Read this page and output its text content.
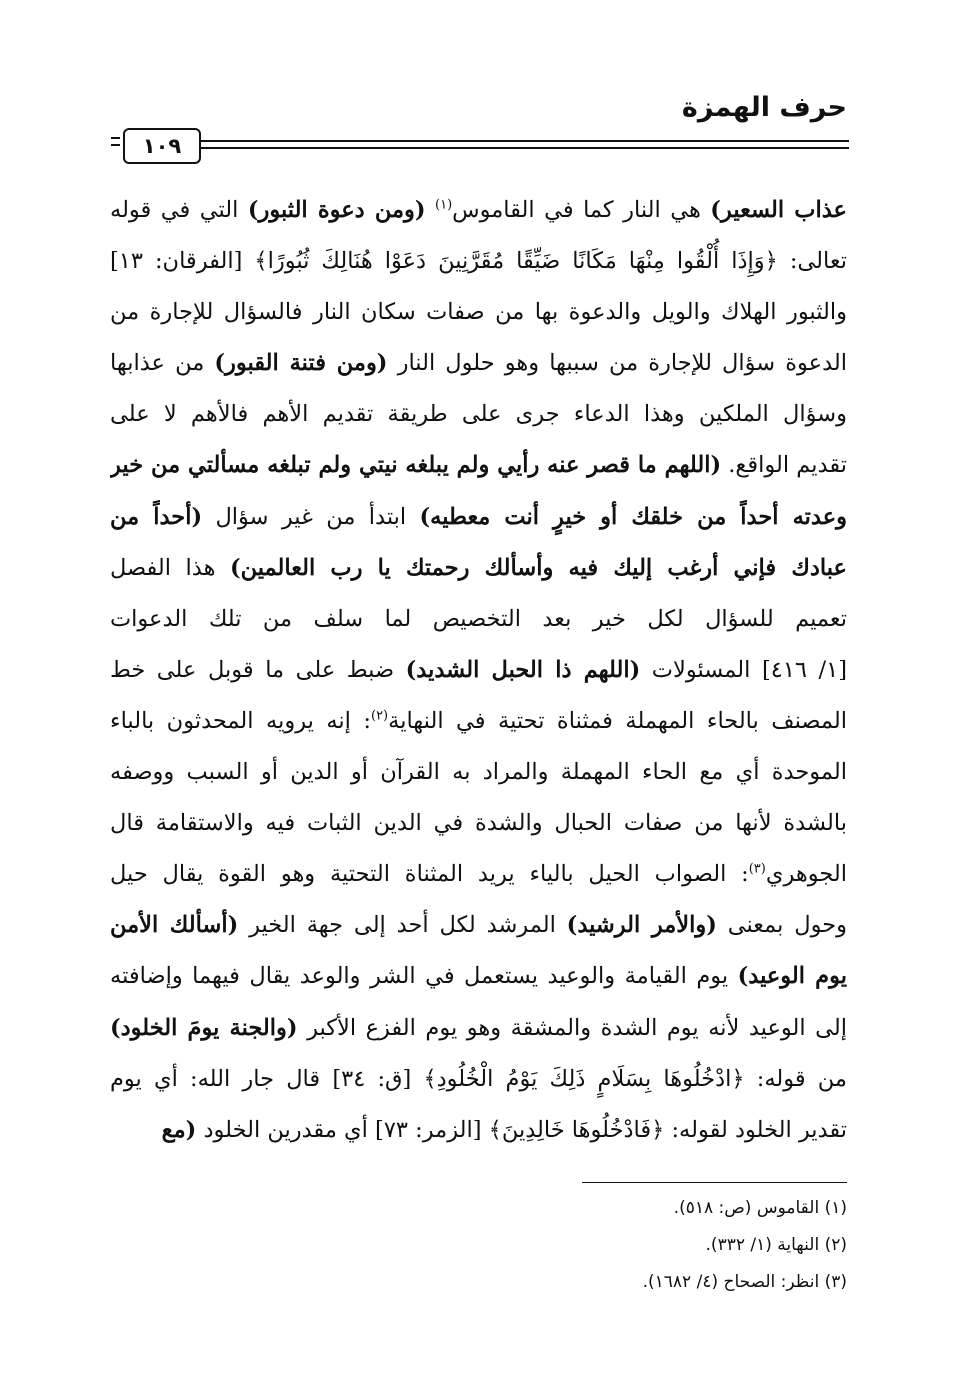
حرف الهمزة
١٠٩
عذاب السعير) هي النار كما في القاموس$^{(١)}$ (ومن دعوة الثبور) التي في قوله
تعالى: ﴿وَإِذَا أُلْقُوا مِنْهَا مَكَانًا ضَيِّقًا مُقَرَّنِينَ دَعَوْا هُنَالِكَ ثُبُورًا﴾ [الفرقان: ١٣]
والثبور الهلاك والويل والدعوة بها من صفات سكان النار فالسؤال للإجارة من
الدعوة سؤال للإجارة من سببها وهو حلول النار (ومن فتنة القبور) من عذابها
وسؤال الملكين وهذا الدعاء جرى على طريقة تقديم الأهم فالأهم لا على
تقديم الواقع. (اللهم ما قصر عنه رأيي ولم يبلغه نيتي ولم تبلغه مسألتي من خير
وعدته أحداً من خلقك أو خيرٍ أنت معطيه) ابتدأ من غير سؤال (أحداً من
عبادك فإني أرغب إليك فيه وأسألك رحمتك يا رب العالمين) هذا الفصل
تعميم للسؤال لكل خير بعد التخصيص لما سلف من تلك الدعوات
[١/ ٤١٦] المسئولات (اللهم ذا الحبل الشديد) ضبط على ما قوبل على خط
المصنف بالحاء المهملة فمثناة تحتية في النهاية$^{(٢)}$: إنه يرويه المحدثون بالباء
الموحدة أي مع الحاء المهملة والمراد به القرآن أو الدين أو السبب ووصفه
بالشدة لأنها من صفات الحبال والشدة في الدين الثبات فيه والاستقامة قال
الجوهري$^{(٣)}$: الصواب الحيل بالياء يريد المثناة التحتية وهو القوة يقال حيل
وحول بمعنى (والأمر الرشيد) المرشد لكل أحد إلى جهة الخير (أسألك الأمن
يوم الوعيد) يوم القيامة والوعيد يستعمل في الشر والوعد يقال فيهما وإضافته
إلى الوعيد لأنه يوم الشدة والمشقة وهو يوم الفزع الأكبر (والجنة يومَ الخلود)
من قوله: ﴿ادْخُلُوهَا بِسَلَامٍ ذَلِكَ يَوْمُ الْخُلُودِ﴾ [ق: ٣٤] قال جار الله: أي يوم
تقدير الخلود لقوله: ﴿فَادْخُلُوهَا خَالِدِينَ﴾ [الزمر: ٧٣] أي مقدرين الخلود (مع
(١) القاموس (ص: ٥١٨).
(٢) النهاية (١/ ٣٣٢).
(٣) انظر: الصحاح (٤/ ١٦٨٢).
